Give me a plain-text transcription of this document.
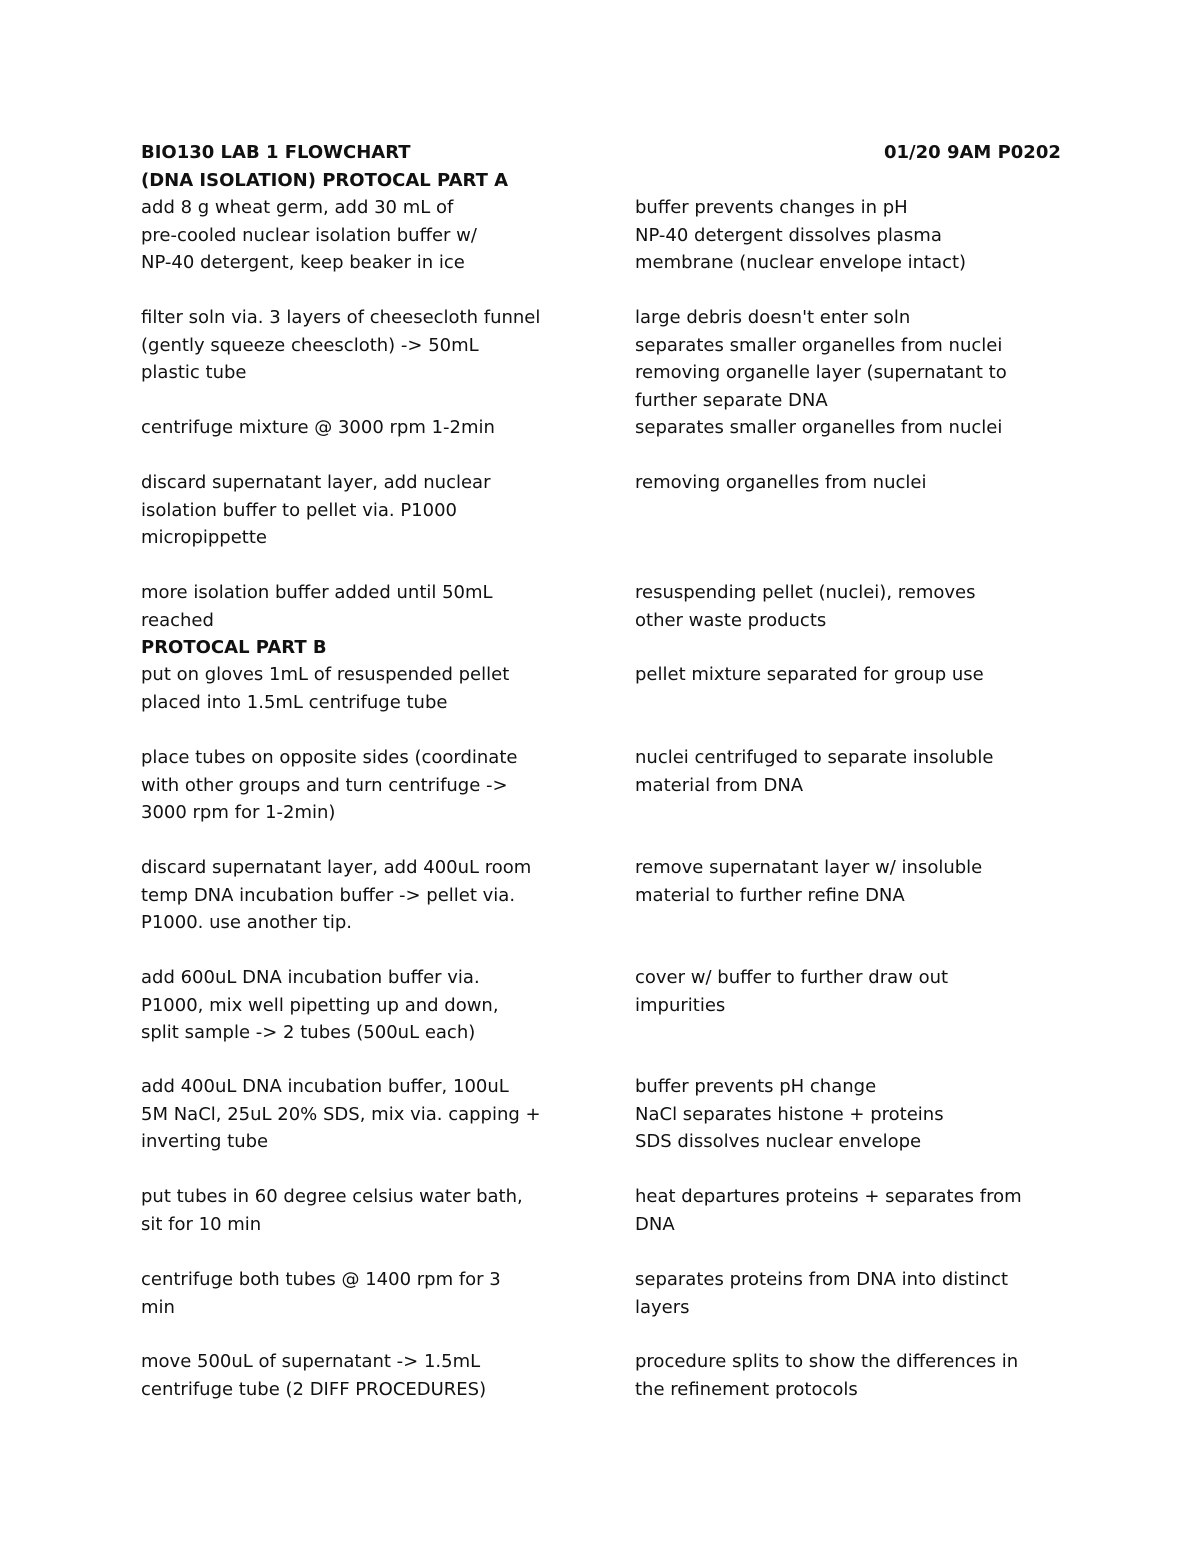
BIO130 LAB 1 FLOWCHART	01/20 9AM P0202
(DNA ISOLATION) PROTOCAL PART A
PROTOCAL PART B
add 8 g wheat germ, add 30 mL of
pre-cooled nuclear isolation buffer w/
NP-40 detergent, keep beaker in ice
buffer prevents changes in pH
NP-40 detergent dissolves plasma
membrane (nuclear envelope intact)
filter soln via. 3 layers of cheesecloth funnel
(gently squeeze cheescloth) -> 50mL
plastic tube
large debris doesn't enter soln
separates smaller organelles from nuclei
removing organelle layer (supernatant to
further separate DNA
centrifuge mixture @ 3000 rpm 1-2min	separates smaller organelles from nuclei
discard supernatant layer, add nuclear
isolation buffer to pellet via. P1000
micropippette
removing organelles from nuclei
more isolation buffer added until 50mL
reached
resuspending pellet (nuclei), removes
other waste products
put on gloves 1mL of resuspended pellet
placed into 1.5mL centrifuge tube
pellet mixture separated for group use
place tubes on opposite sides (coordinate
with other groups and turn centrifuge ->
3000 rpm for 1-2min)
nuclei centrifuged to separate insoluble
material from DNA
discard supernatant layer, add 400uL room
temp DNA incubation buffer -> pellet via.
P1000. use another tip.
remove supernatant layer w/ insoluble
material to further refine DNA
add 600uL DNA incubation buffer via.
P1000, mix well pipetting up and down,
split sample -> 2 tubes (500uL each)
cover w/ buffer to further draw out
impurities
add 400uL DNA incubation buffer, 100uL
5M NaCl, 25uL 20% SDS, mix via. capping +
inverting tube
buffer prevents pH change
NaCl separates histone + proteins
SDS dissolves nuclear envelope
put tubes in 60 degree celsius water bath,
sit for 10 min
heat departures proteins + separates from
DNA
centrifuge both tubes @ 1400 rpm for 3
min
separates proteins from DNA into distinct
layers
move 500uL of supernatant -> 1.5mL
centrifuge tube (2 DIFF PROCEDURES)
procedure splits to show the differences in
the refinement protocols
